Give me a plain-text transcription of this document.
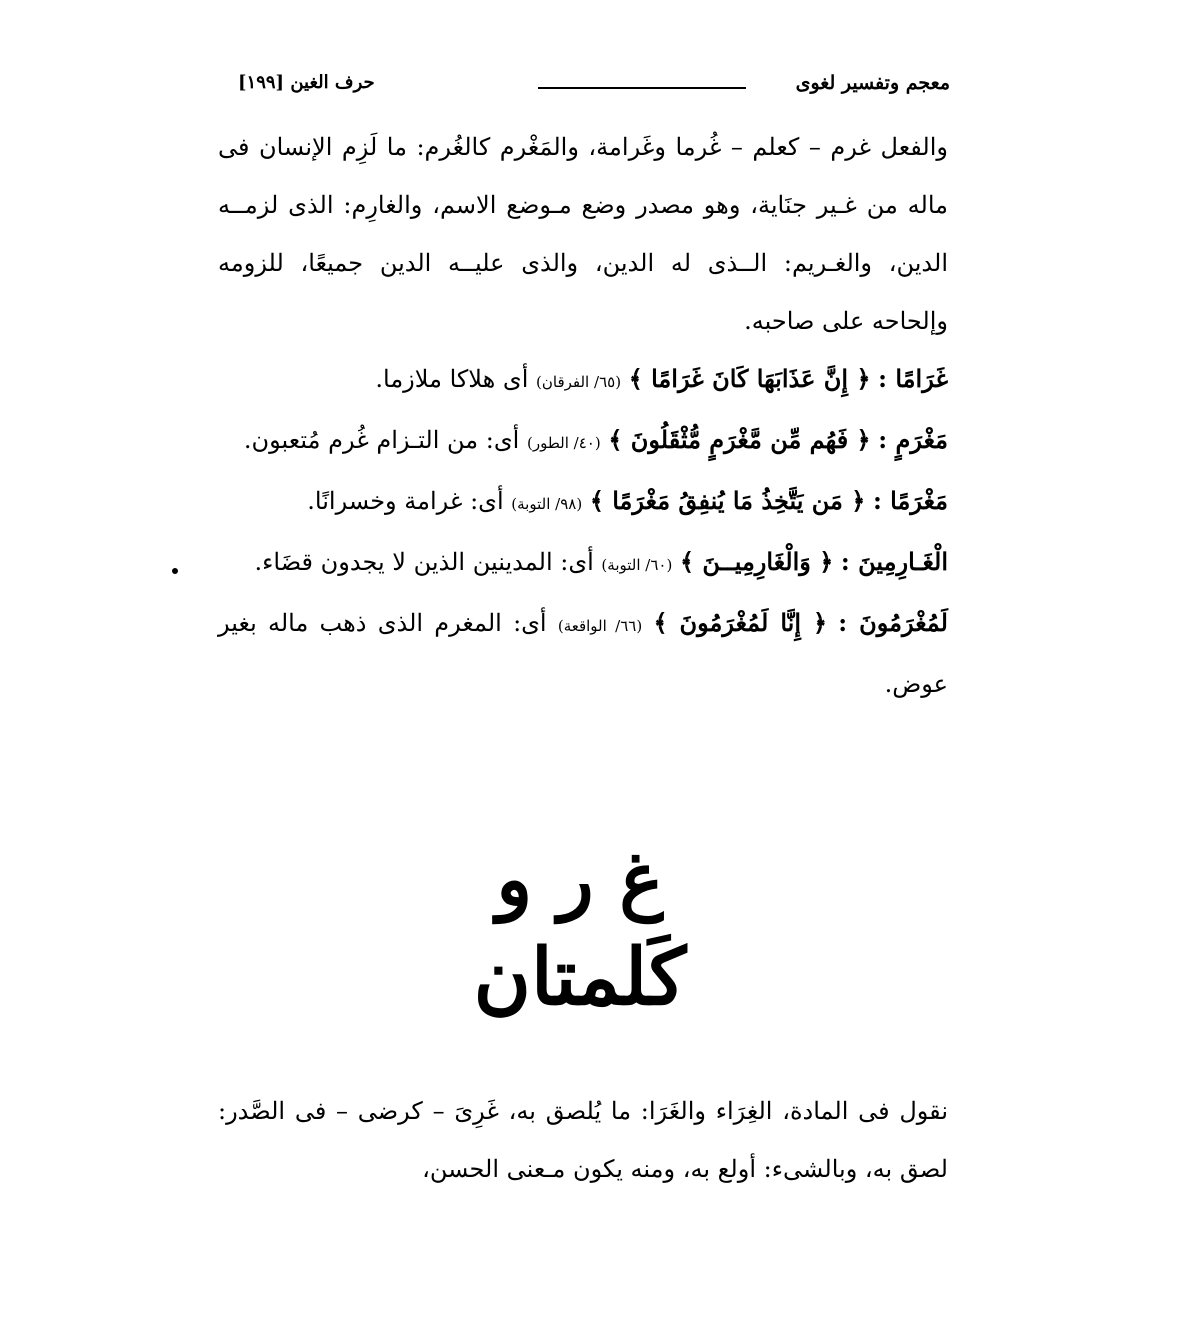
معجم وتفسير لغوى
حرف الغين [١٩٩]

والفعل غرم – كعلم – غُرما وغَرامة، والمَغْرم كالغُرم: ما لَزِم الإنسان فى ماله من غـير جنَاية، وهو مصدر وضع مـوضع الاسم، والغارِم: الذى لزمــه الدين، والغـريم: الــذى له الدين، والذى عليــه الدين جميعًا، للزومه وإلحاحه على صاحبه.

غَرَامًا : ﴿ إِنَّ عَذَابَهَا كَانَ غَرَامًا ﴾ (٦٥/ الفرقان) أى هلاكا ملازما.

مَغْرَمٍ : ﴿ فَهُم مِّن مَّغْرَمٍ مُّثْقَلُونَ ﴾ (٤٠/ الطور) أى: من التـزام غُرم مُتعبون.

مَغْرَمًا : ﴿ مَن يَتَّخِذُ مَا يُنفِقُ مَغْرَمًا ﴾ (٩٨/ التوبة) أى: غرامة وخسرانًا.

الْغَـارِمِينَ : ﴿ وَالْغَارِمِيــنَ ﴾ (٦٠/ التوبة) أى: المدينين الذين لا يجدون قضَاء.

لَمُغْرَمُونَ : ﴿ إِنَّا لَمُغْرَمُونَ ﴾ (٦٦/ الواقعة) أى: المغرم الذى ذهب ماله بغير عوض.

غ ر و
كَلمتان

نقول فى المادة، الغِرَاء والغَرَا: ما يُلصق به، غَرِىَ – كرضى – فى الصَّدر: لصق به، وبالشىء: أولع به، ومنه يكون مـعنى الحسن،
